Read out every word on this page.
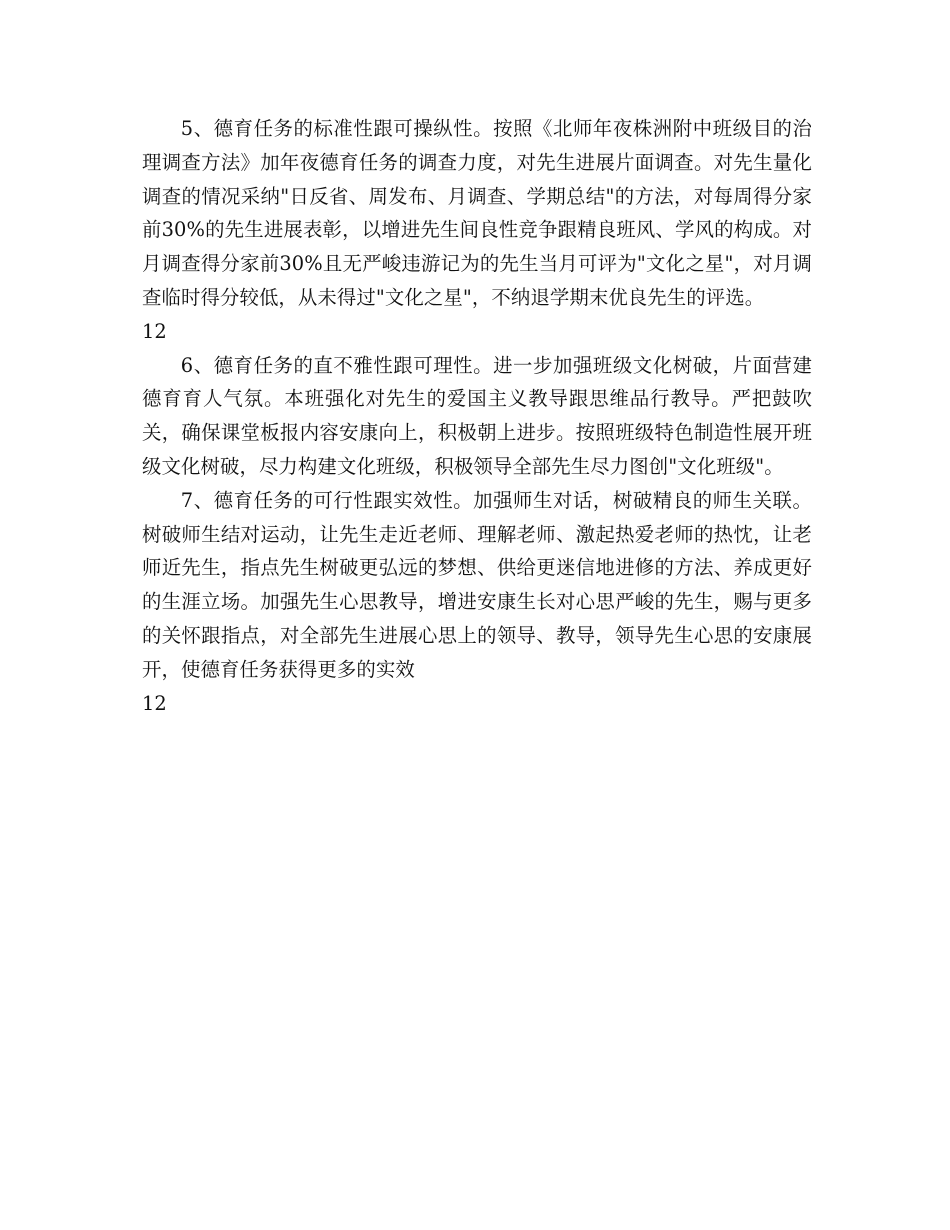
5、德育任务的标准性跟可操纵性。按照《北师年夜株洲附中班级目的治理调查方法》加年夜德育任务的调查力度，对先生进展片面调查。对先生量化调查的情况采纳"日反省、周发布、月调查、学期总结"的方法，对每周得分家前30%的先生进展表彰，以增进先生间良性竞争跟精良班风、学风的构成。对月调查得分家前30%且无严峻违游记为的先生当月可评为"文化之星"，对月调查临时得分较低，从未得过"文化之星"，不纳退学期末优良先生的评选。

12

6、德育任务的直不雅性跟可理性。进一步加强班级文化树破，片面营建德育育人气氛。本班强化对先生的爱国主义教导跟思维品行教导。严把鼓吹关，确保课堂板报内容安康向上，积极朝上进步。按照班级特色制造性展开班级文化树破，尽力构建文化班级，积极领导全部先生尽力图创"文化班级"。

7、德育任务的可行性跟实效性。加强师生对话，树破精良的师生关联。树破师生结对运动，让先生走近老师、理解老师、激起热爱老师的热忱，让老师近先生，指点先生树破更弘远的梦想、供给更迷信地进修的方法、养成更好的生涯立场。加强先生心思教导，增进安康生长对心思严峻的先生，赐与更多的关怀跟指点，对全部先生进展心思上的领导、教导，领导先生心思的安康展开，使德育任务获得更多的实效

12
